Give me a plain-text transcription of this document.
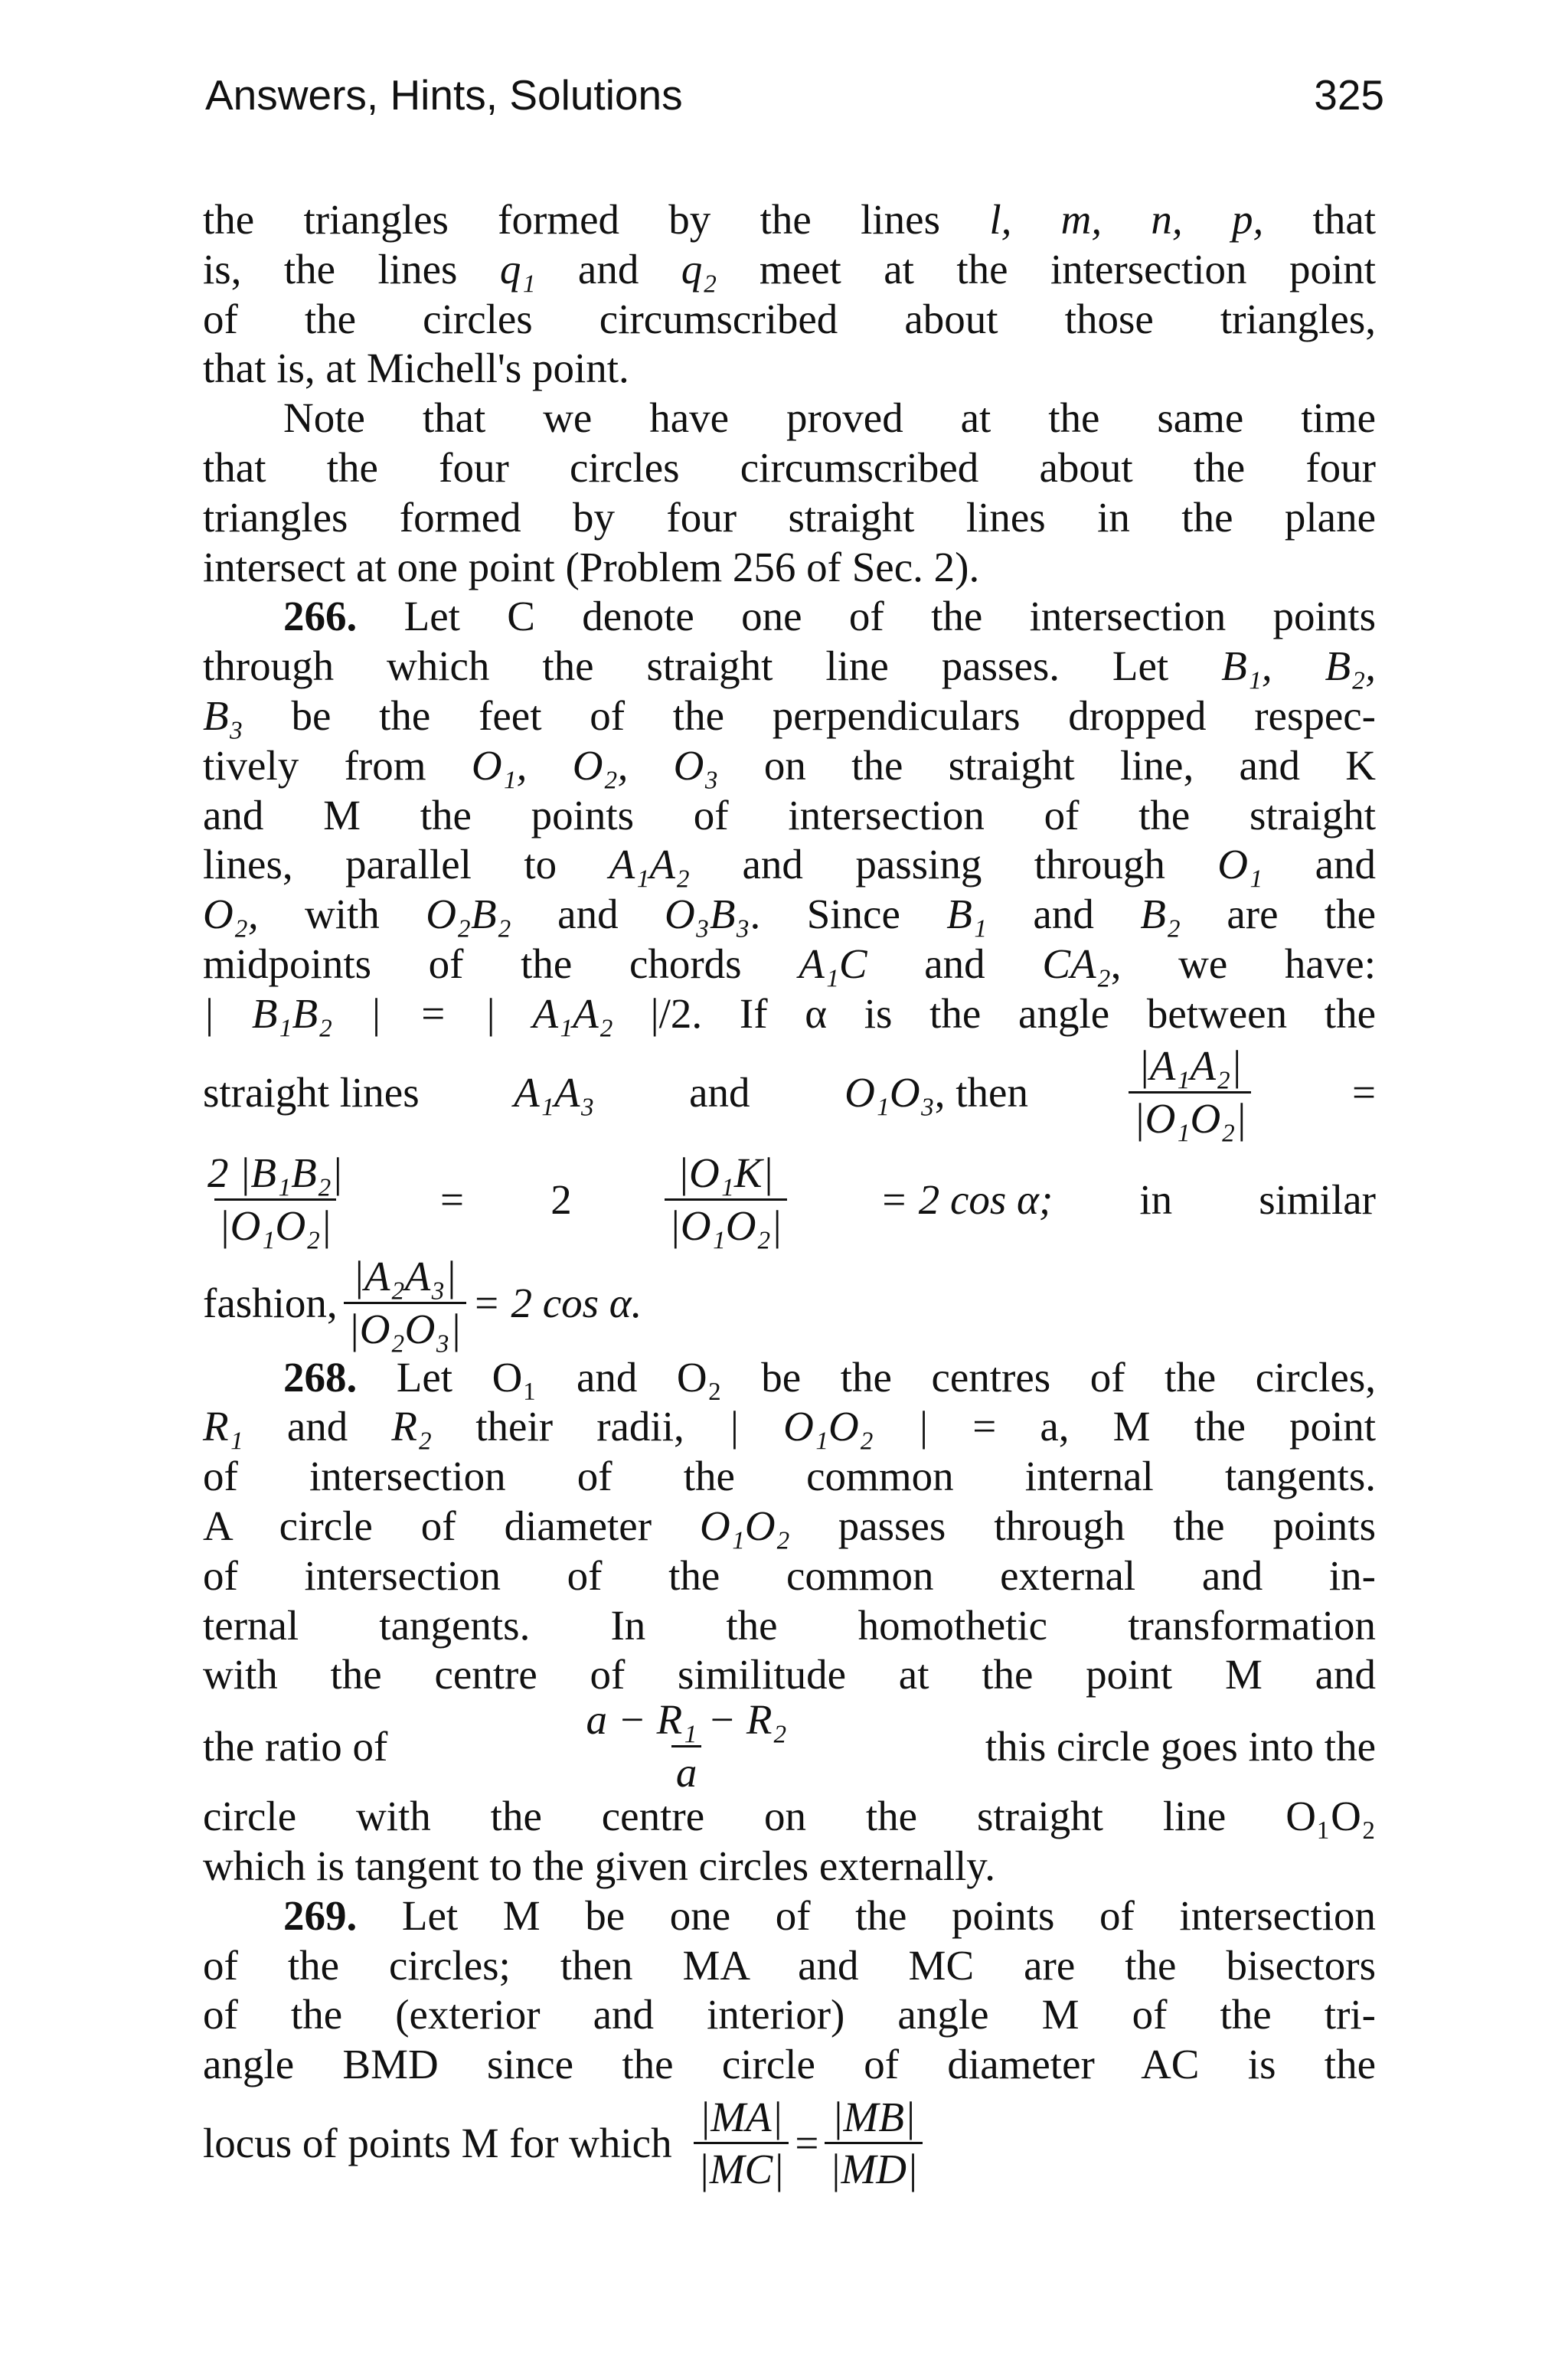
Answers, Hints, Solutions	325
the triangles formed by the lines l, m, n, p, that
is, the lines q₁ and q₂ meet at the intersection point
of the circles circumscribed about those triangles,
that is, at Michell's point.
Note that we have proved at the same time
that the four circles circumscribed about the four
triangles formed by four straight lines in the plane
intersect at one point (Problem 256 of Sec. 2).
266. Let C denote one of the intersection points
through which the straight line passes. Let B₁, B₂,
B₃ be the feet of the perpendiculars dropped respec-
tively from O₁, O₂, O₃ on the straight line, and K
and M the points of intersection of the straight
lines, parallel to A₁A₂ and passing through O₁ and
O₂, with O₂B₂ and O₃B₃. Since B₁ and B₂ are the
midpoints of the chords A₁C and CA₂, we have:
| B₁B₂ | = | A₁A₂ |/2. If α is the angle between the
straight lines A₁A₃ and O₁O₃, then $\frac{\text{|A₁A₂|}}{\text{|O₁O₂|}}$ =
$\frac{\text{2 |B₁B₂|}}{\text{|O₁O₂|}} = 2 \frac{\text{|O₁K|}}{\text{|O₁O₂|}} = 2$ cos α; in similar
fashion, $\frac{\text{|A₂A₃|}}{\text{|O₂O₃|}} = 2$ cos α.
268. Let O₁ and O₂ be the centres of the circles,
R₁ and R₂ their radii, | O₁O₂ | = a, M the point
of intersection of the common internal tangents.
A circle of diameter O₁O₂ passes through the points
of intersection of the common external and in-
ternal tangents. In the homothetic transformation
with the centre of similitude at the point M and
the ratio of	$\frac{\text{a − R₁ − R₂}}{a}$	this circle goes into the
circle with the centre on the straight line O₁O₂
which is tangent to the given circles externally.
269. Let M be one of the points of intersection
of the circles; then MA and MC are the bisectors
of the (exterior and interior) angle M of the tri-
angle BMD since the circle of diameter AC is the
locus of points M for which $\frac{|MA|}{|MC|} = \frac{|MB|}{|MD|}$
